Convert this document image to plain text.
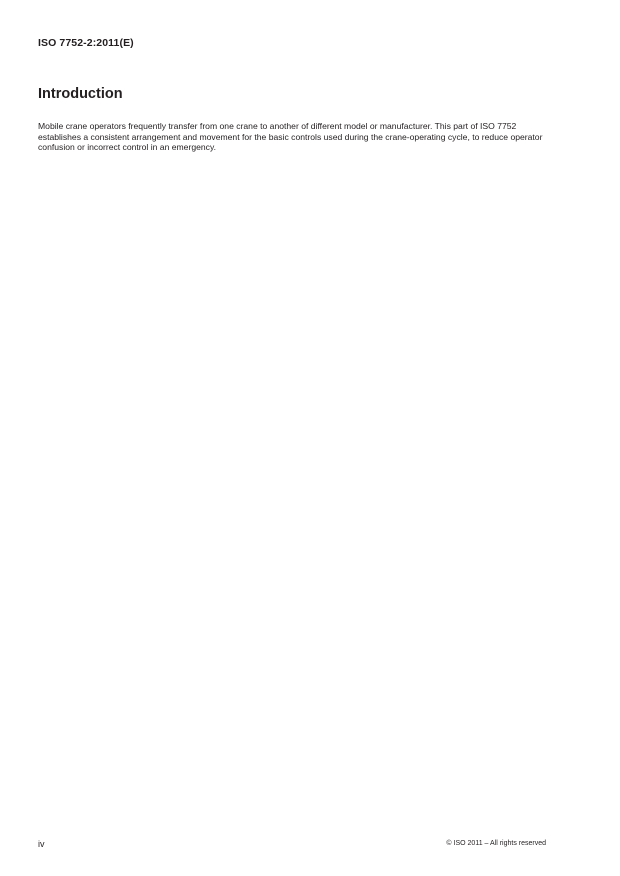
ISO 7752-2:2011(E)
Introduction

Mobile crane operators frequently transfer from one crane to another of different model or manufacturer. This part of ISO 7752 establishes a consistent arrangement and movement for the basic controls used during the crane-operating cycle, to reduce operator confusion or incorrect control in an emergency.

iv	© ISO 2011 – All rights reserved
